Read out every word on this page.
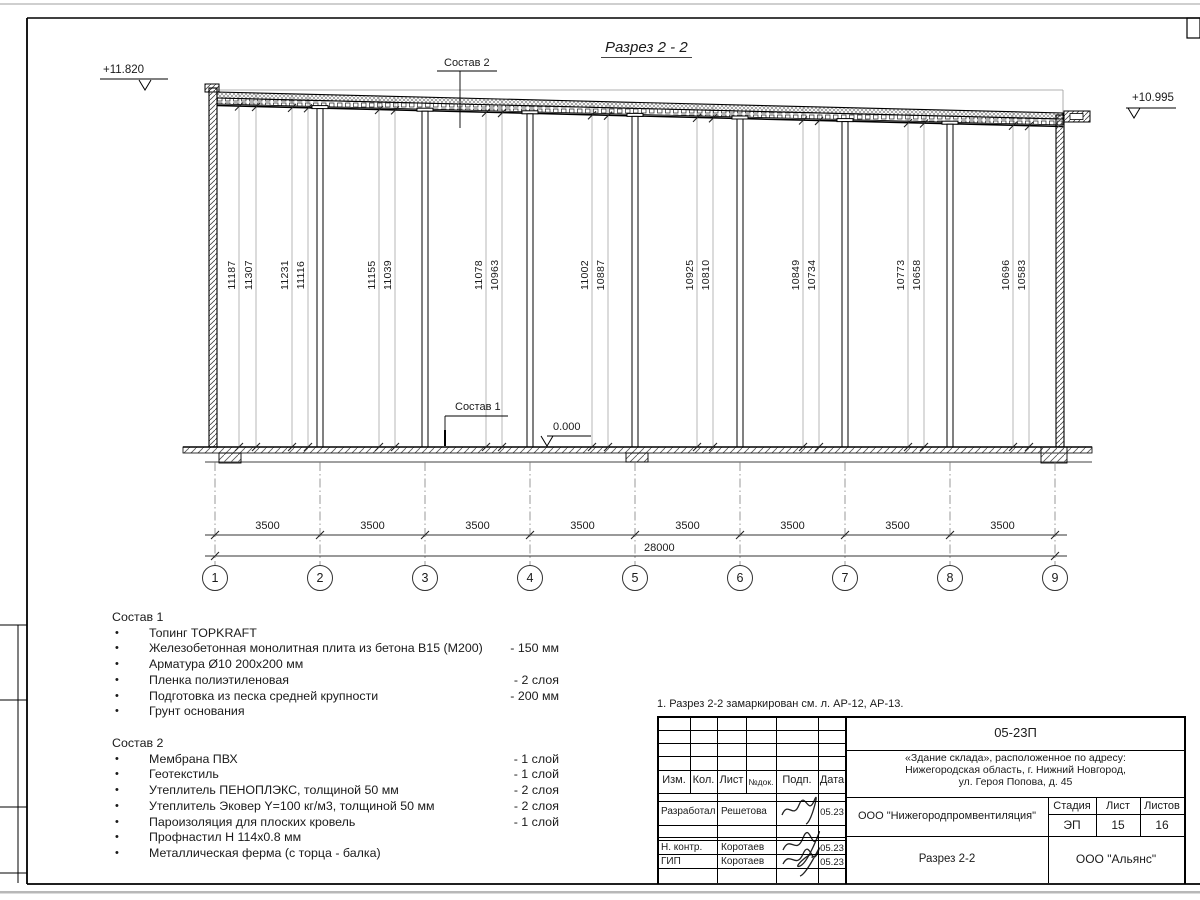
Разрез 2 - 2
+11.820
+10.995
0.000
Состав 2
Состав 1
28000
11187 11307 11231 11116	11155 11039	11078 10963	11002 10887	10925 10810	10849 10734	10773 10658	10696 10583
3500	3500	3500	3500	3500	3500	3500	3500
1	2	3	4	5	6	7	8	9
Состав 1
• Топинг TOPKRAFT
• Железобетонная монолитная плита из бетона В15 (М200) - 150 мм
• Арматура Ø10 200x200 мм
• Пленка полиэтиленовая	- 2 слоя
• Подготовка из песка средней крупности	- 200 мм
• Грунт основания
Состав 2
• Мембрана ПВХ	- 1 слой
• Геотекстиль	- 1 слой
• Утеплитель ПЕНОПЛЭКС, толщиной 50 мм	- 2 слоя
• Утеплитель Эковер Y=100 кг/м3, толщиной 50 мм	- 2 слоя
• Пароизоляция для плоских кровель	- 1 слой
• Профнастил Н 114x0.8 мм
• Металлическая ферма (с торца - балка)
1. Разрез 2-2 замаркирован см. л. АР-12, АР-13.
05-23П
«Здание склада», расположенное по адресу:
Нижегородская область, г. Нижний Новгород,
ул. Героя Попова, д. 45
Изм. Кол. Лист №док. Подп. Дата
Разработал Решетова	05.23
Н. контр. Коротаев	05.23
ГИП	Коротаев	05.23
ООО "Нижегородпромвентиляция"
Стадия	Лист	Листов
ЭП	15	16
Разрез 2-2	ООО "Альянс"
